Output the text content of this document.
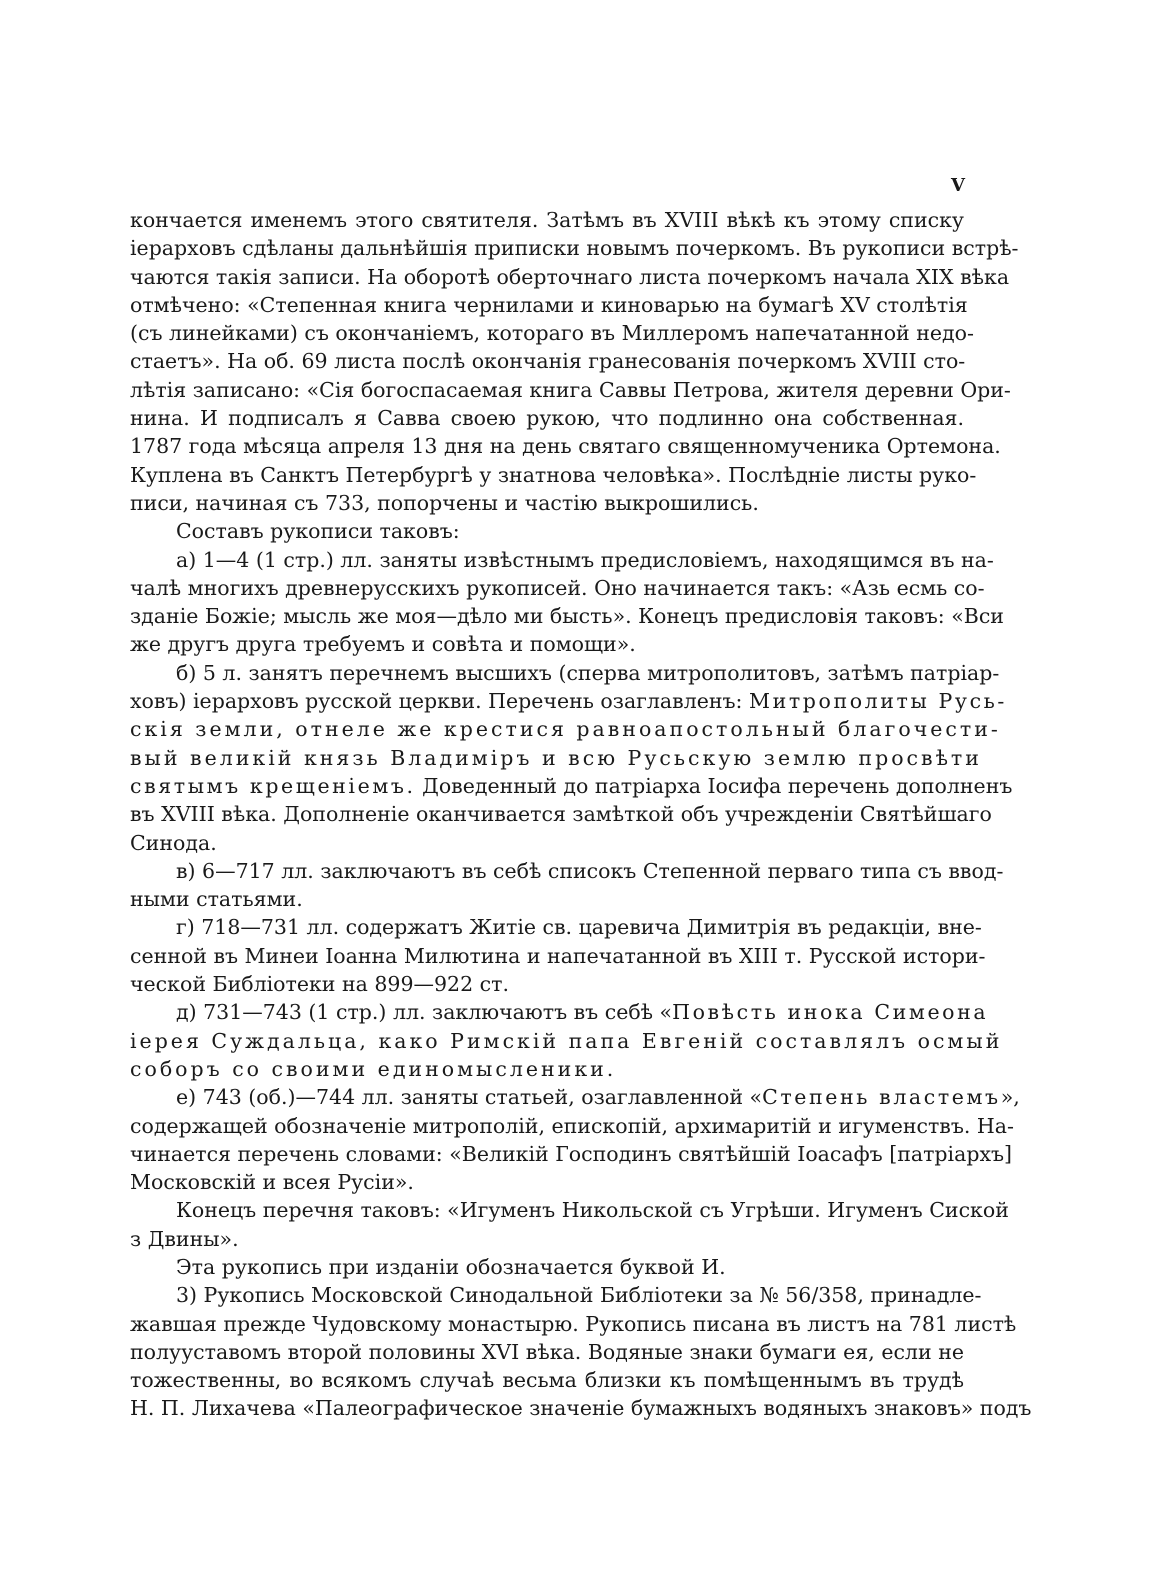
V
кончается именемъ этого святителя. Затѣмъ въ XVIII вѣкѣ къ этому списку
іерарховъ сдѣланы дальнѣйшія приписки новымъ почеркомъ. Въ рукописи встрѣ-
чаются такія записи. На оборотѣ оберточнаго листа почеркомъ начала XIX вѣка
отмѣчено: «Степенная книга чернилами и киноварью на бумагѣ XV столѣтія
(съ линейками) съ окончаніемъ, котораго въ Миллеромъ напечатанной недо-
стаетъ». На об. 69 листа послѣ окончанія гранесованія почеркомъ XVIII сто-
лѣтія записано: «Сія богоспасаемая книга Саввы Петрова, жителя деревни Ори-
нина. И подписалъ я Савва своею рукою, что подлинно она собственная.
1787 года мѣсяца апреля 13 дня на день святаго священномученика Ортемона.
Куплена въ Санктъ Петербургѣ у знатнова человѣка». Послѣдніе листы руко-
писи, начиная съ 733, попорчены и частію выкрошились.
Составъ рукописи таковъ:
а) 1—4 (1 стр.) лл. заняты извѣстнымъ предисловіемъ, находящимся въ на-
чалѣ многихъ древнерусскихъ рукописей. Оно начинается такъ: «Азь есмь со-
зданіе Божіе; мысль же моя—дѣло ми бысть». Конецъ предисловія таковъ: «Вси
же другъ друга требуемъ и совѣта и помощи».
б) 5 л. занятъ перечнемъ высшихъ (сперва митрополитовъ, затѣмъ патріар-
ховъ) іерарховъ русской церкви. Перечень озаглавленъ: Митрополиты Русь-
скія земли, отнеле же крестися равноапостольный благочести-
вый великій князь Владиміръ и всю Русьскую землю просвѣти
святымъ крещеніемъ. Доведенный до патріарха Іосифа перечень дополненъ
въ XVIII вѣка. Дополненіе оканчивается замѣткой объ учрежденіи Святѣйшаго
Синода.
в) 6—717 лл. заключаютъ въ себѣ списокъ Степенной перваго типа съ ввод-
ными статьями.
г) 718—731 лл. содержатъ Житіе св. царевича Димитрія въ редакціи, вне-
сенной въ Минеи Іоанна Милютина и напечатанной въ XIII т. Русской истори-
ческой Библіотеки на 899—922 ст.
д) 731—743 (1 стр.) лл. заключаютъ въ себѣ «Повѣсть инока Симеона
іерея Суждальца, како Римскій папа Евгеній составлялъ осмый
соборъ со своими единомысленики.
е) 743 (об.)—744 лл. заняты статьей, озаглавленной «Степень властемъ»,
содержащей обозначеніе митрополій, епископій, архимаритій и игуменствъ. На-
чинается перечень словами: «Великій Господинъ святѣйшій Іоасафъ [патріархъ]
Московскій и всея Русіи».
Конецъ перечня таковъ: «Игуменъ Никольской съ Угрѣши. Игуменъ Сиской
з Двины».
Эта рукопись при изданіи обозначается буквой И.
3) Рукопись Московской Синодальной Библіотеки за № 56/358, принадле-
жавшая прежде Чудовскому монастырю. Рукопись писана въ листъ на 781 листѣ
полууставомъ второй половины XVI вѣка. Водяные знаки бумаги ея, если не
тожественны, во всякомъ случаѣ весьма близки къ помѣщеннымъ въ трудѣ
Н. П. Лихачева «Палеографическое значеніе бумажныхъ водяныхъ знаковъ» подъ
